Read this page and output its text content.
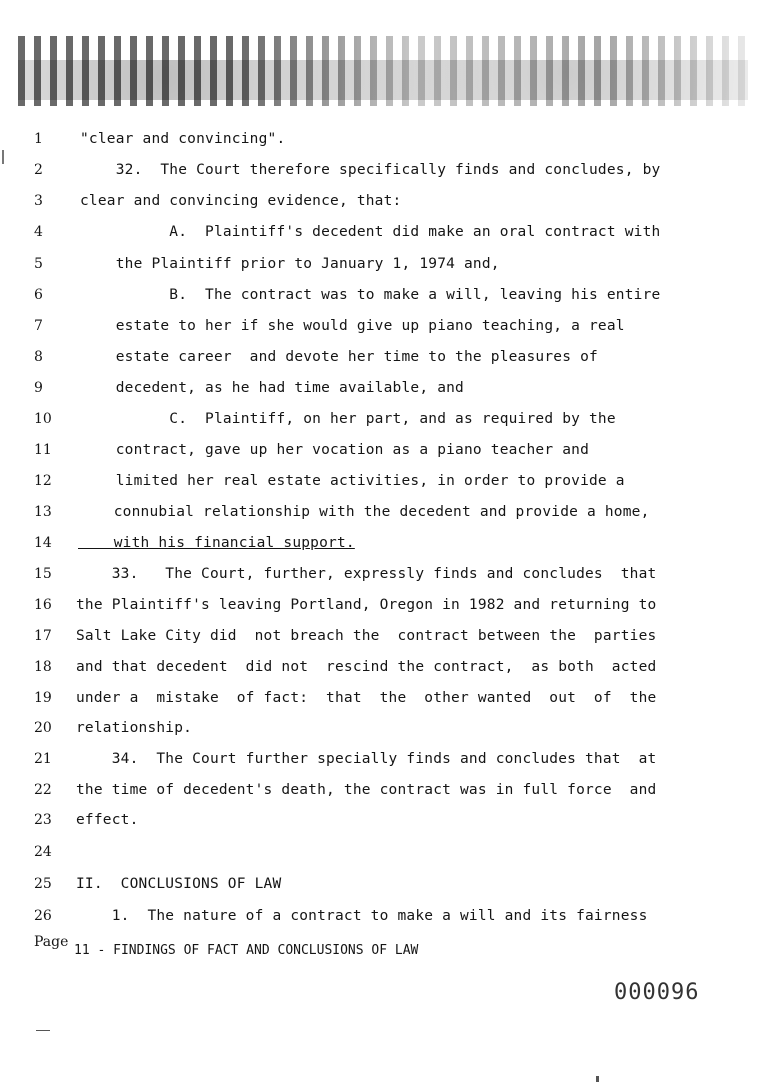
1	"clear and convincing".
2	32.  The Court therefore specifically finds and concludes, by
3	clear and convincing evidence, that:
4	A.  Plaintiff's decedent did make an oral contract with
5	the Plaintiff prior to January 1, 1974 and,
6	B.  The contract was to make a will, leaving his entire
7	estate to her if she would give up piano teaching, a real
8	estate career  and devote her time to the pleasures of
9	decedent, as he had time available, and
10	C.  Plaintiff, on her part, and as required by the
11	contract, gave up her vocation as a piano teacher and
12	limited her real estate activities, in order to provide a
13	connubial relationship with the decedent and provide a home,
14	with his financial support.
15	33.   The Court, further, expressly finds and concludes  that
16	the Plaintiff's leaving Portland, Oregon in 1982 and returning to
17	Salt Lake City did  not breach the  contract between the  parties
18	and that decedent  did not  rescind the contract,  as both  acted
19	under a  mistake  of fact:  that  the  other wanted  out  of  the
20	relationship.
21	34.  The Court further specially finds and concludes that  at
22	the time of decedent's death, the contract was in full force  and
23	effect.
24
25	II.  CONCLUSIONS OF LAW
26	1.  The nature of a contract to make a will and its fairness
Page
11 - FINDINGS OF FACT AND CONCLUSIONS OF LAW
000096
